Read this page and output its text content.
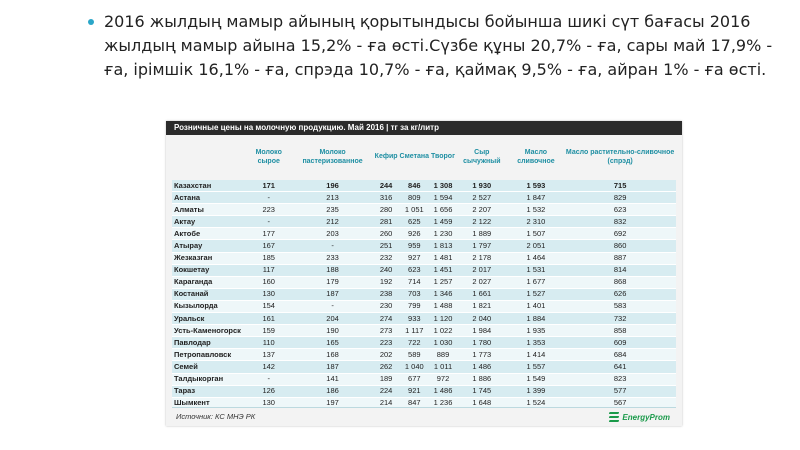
2016 жылдың мамыр айының қорытындысы бойынша шикі сүт бағасы 2016 жылдың мамыр айына 15,2% - ға өсті.Сүзбе құны 20,7% - ға, сары май 17,9% - ға, ірімшік 16,1% - ға, спрэда 10,7% - ға, қаймақ 9,5% - ға, айран 1% - ға өсті.
Розничные цены на молочную продукцию. Май 2016 | тг за кг/литр
	Молоко сырое	Молоко пастеризованное	Кефир	Сметана	Творог	Сыр сычужный	Масло сливочное	Масло растительно-сливочное (спрэд)
Казахстан	171	196	244	846	1 308	1 930	1 593	715
Астана	-	213	316	809	1 594	2 527	1 847	829
Алматы	223	235	280	1 051	1 656	2 207	1 532	623
Актау	-	212	281	625	1 459	2 122	2 310	832
Актобе	177	203	260	926	1 230	1 889	1 507	692
Атырау	167	-	251	959	1 813	1 797	2 051	860
Жезказган	185	233	232	927	1 481	2 178	1 464	887
Кокшетау	117	188	240	623	1 451	2 017	1 531	814
Караганда	160	179	192	714	1 257	2 027	1 677	868
Костанай	130	187	238	703	1 346	1 661	1 527	626
Кызылорда	154	-	230	799	1 488	1 821	1 401	583
Уральск	161	204	274	933	1 120	2 040	1 884	732
Усть-Каменогорск	159	190	273	1 117	1 022	1 984	1 935	858
Павлодар	110	165	223	722	1 030	1 780	1 353	609
Петропавловск	137	168	202	589	889	1 773	1 414	684
Семей	142	187	262	1 040	1 011	1 486	1 557	641
Талдыкорган	-	141	189	677	972	1 886	1 549	823
Тараз	126	186	224	921	1 486	1 745	1 399	577
Шымкент	130	197	214	847	1 236	1 648	1 524	567
Источник: КС МНЭ РК	EnergyProm
